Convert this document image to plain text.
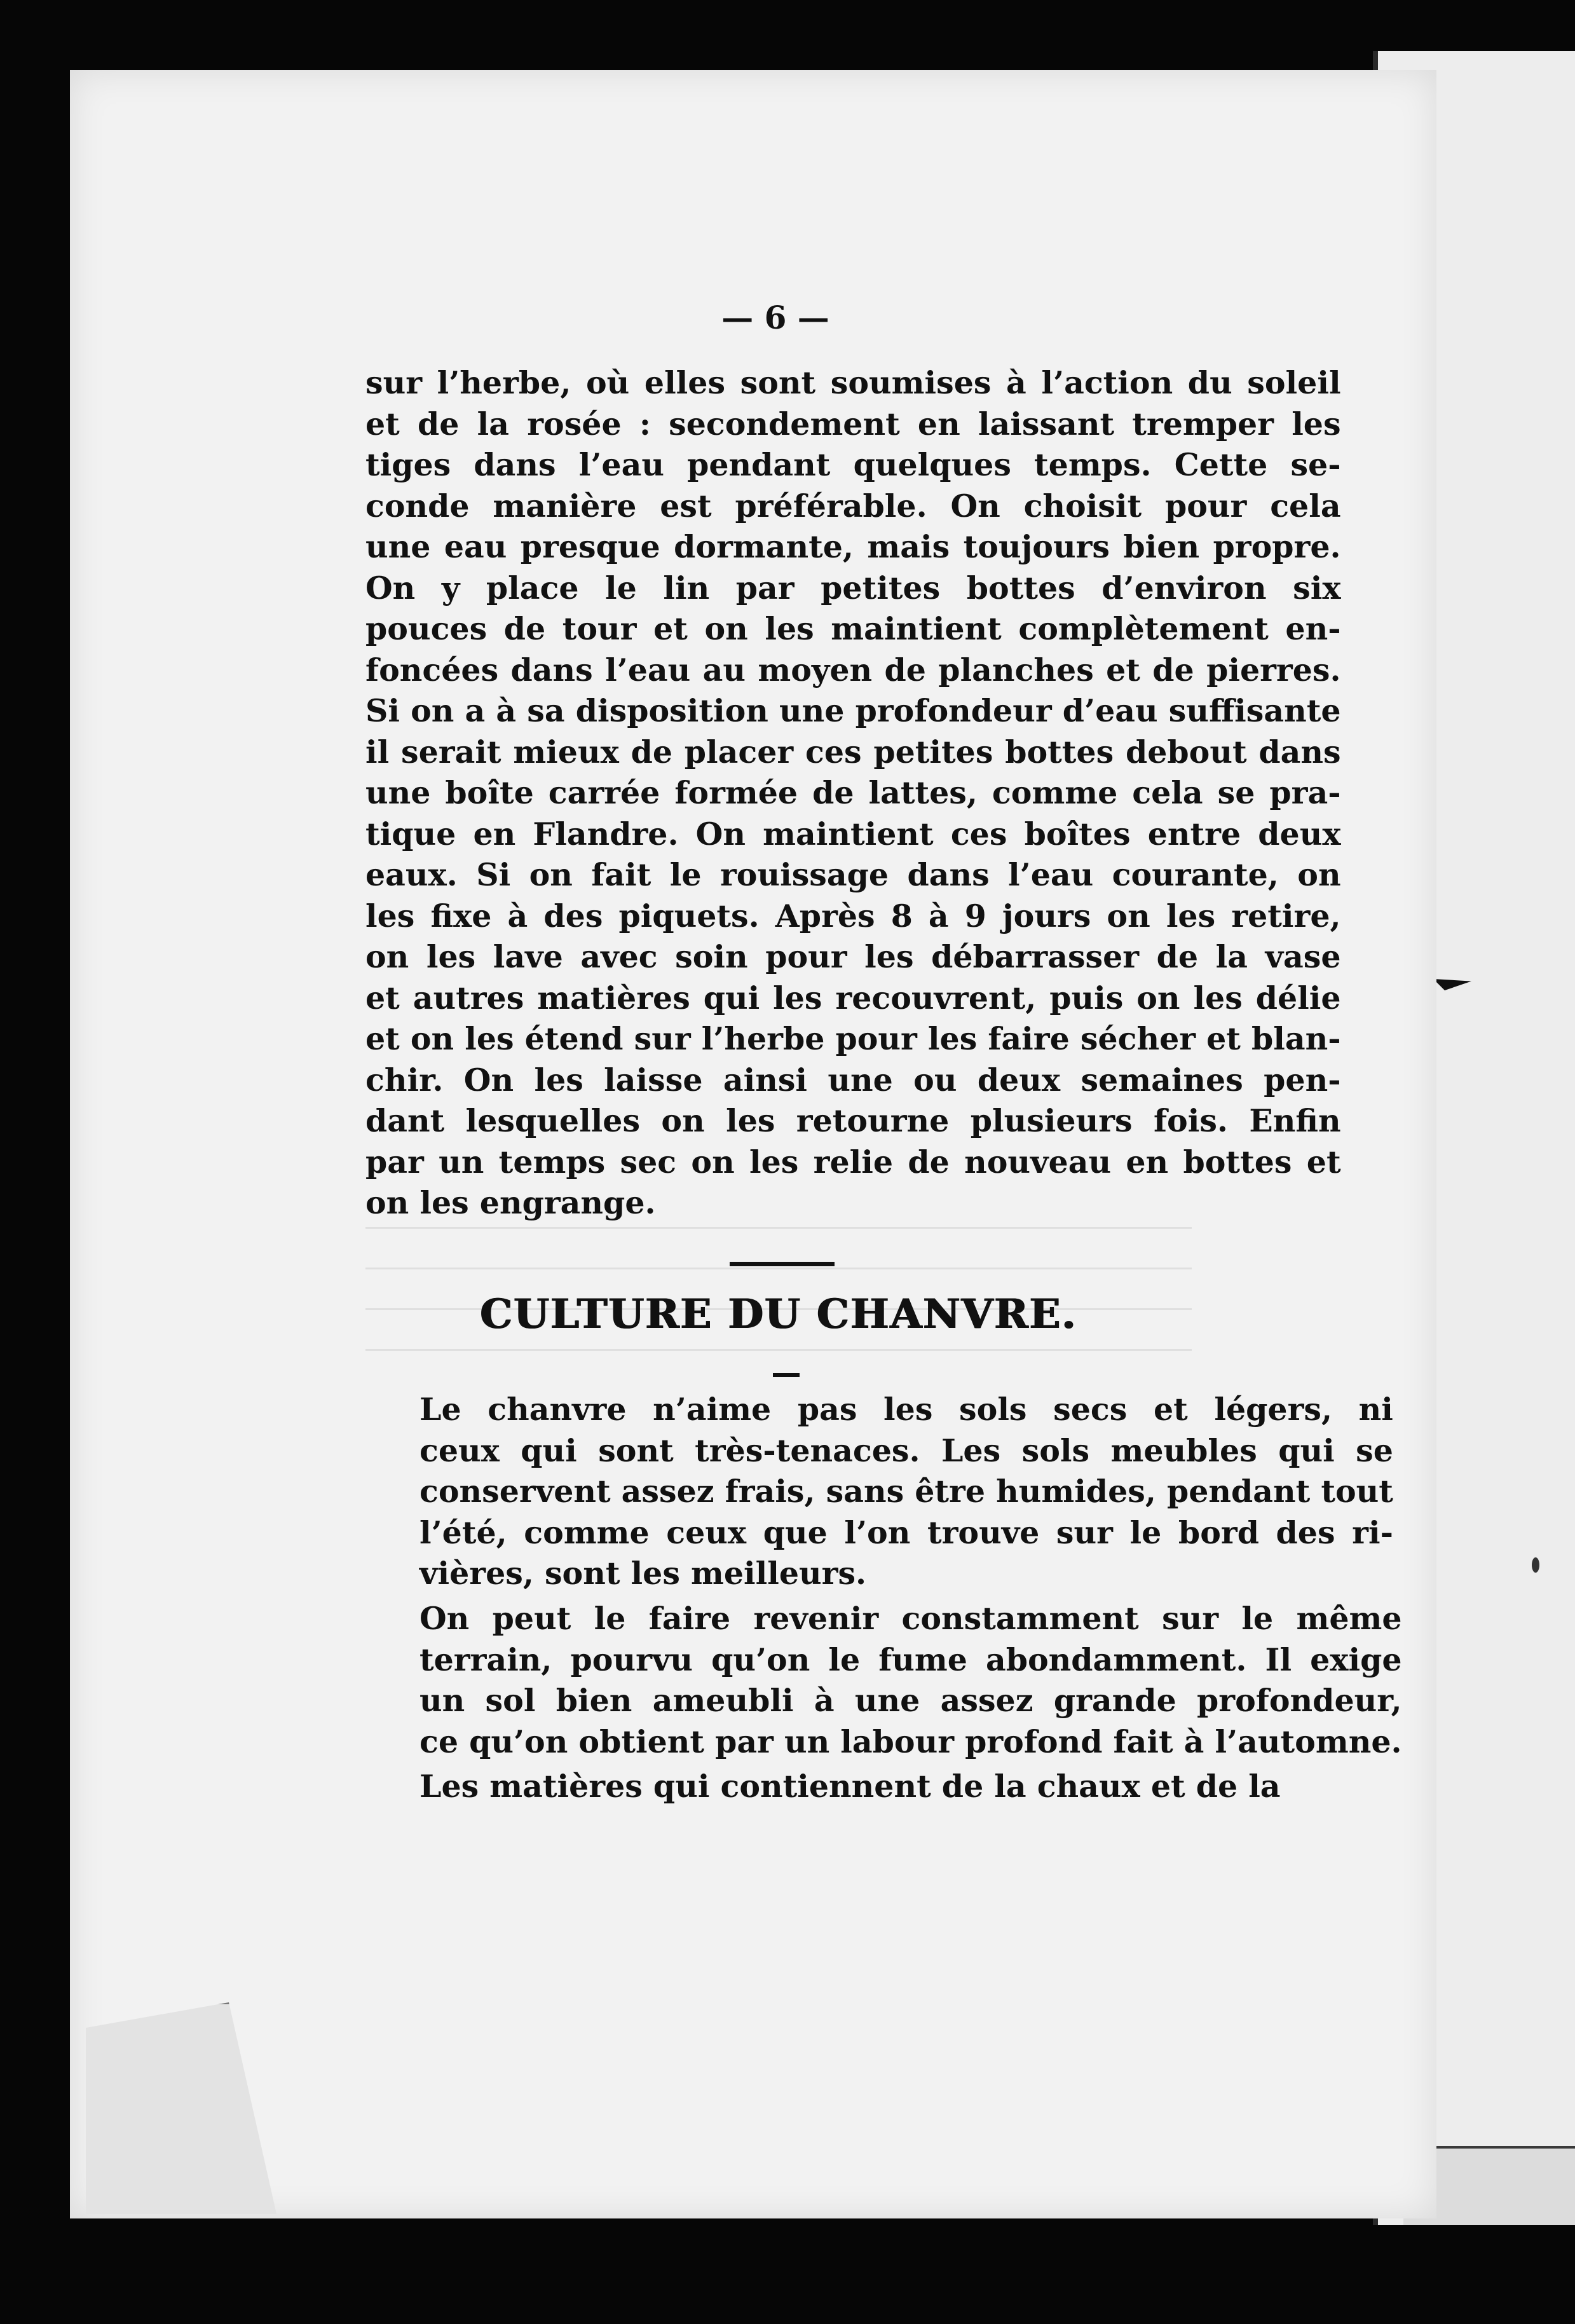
— 6 —

sur l’herbe, où elles sont soumises à l’action du soleil
et de la rosée : secondement en laissant tremper les
tiges dans l’eau pendant quelques temps. Cette se-
conde manière est préférable. On choisit pour cela
une eau presque dormante, mais toujours bien propre.
On y place le lin par petites bottes d’environ six
pouces de tour et on les maintient complètement en-
foncées dans l’eau au moyen de planches et de pierres.
Si on a à sa disposition une profondeur d’eau suffisante
il serait mieux de placer ces petites bottes debout dans
une boîte carrée formée de lattes, comme cela se pra-
tique en Flandre. On maintient ces boîtes entre deux
eaux. Si on fait le rouissage dans l’eau courante, on
les fixe à des piquets. Après 8 à 9 jours on les retire,
on les lave avec soin pour les débarrasser de la vase
et autres matières qui les recouvrent, puis on les délie
et on les étend sur l’herbe pour les faire sécher et blan-
chir. On les laisse ainsi une ou deux semaines pen-
dant lesquelles on les retourne plusieurs fois. Enfin
par un temps sec on les relie de nouveau en bottes et
on les engrange.

CULTURE DU CHANVRE.

Le chanvre n’aime pas les sols secs et légers, ni
ceux qui sont très-tenaces. Les sols meubles qui se
conservent assez frais, sans être humides, pendant tout
l’été, comme ceux que l’on trouve sur le bord des ri-
vières, sont les meilleurs.

On peut le faire revenir constamment sur le même
terrain, pourvu qu’on le fume abondamment. Il exige
un sol bien ameubli à une assez grande profondeur,
ce qu’on obtient par un labour profond fait à l’automne.

Les matières qui contiennent de la chaux et de la
